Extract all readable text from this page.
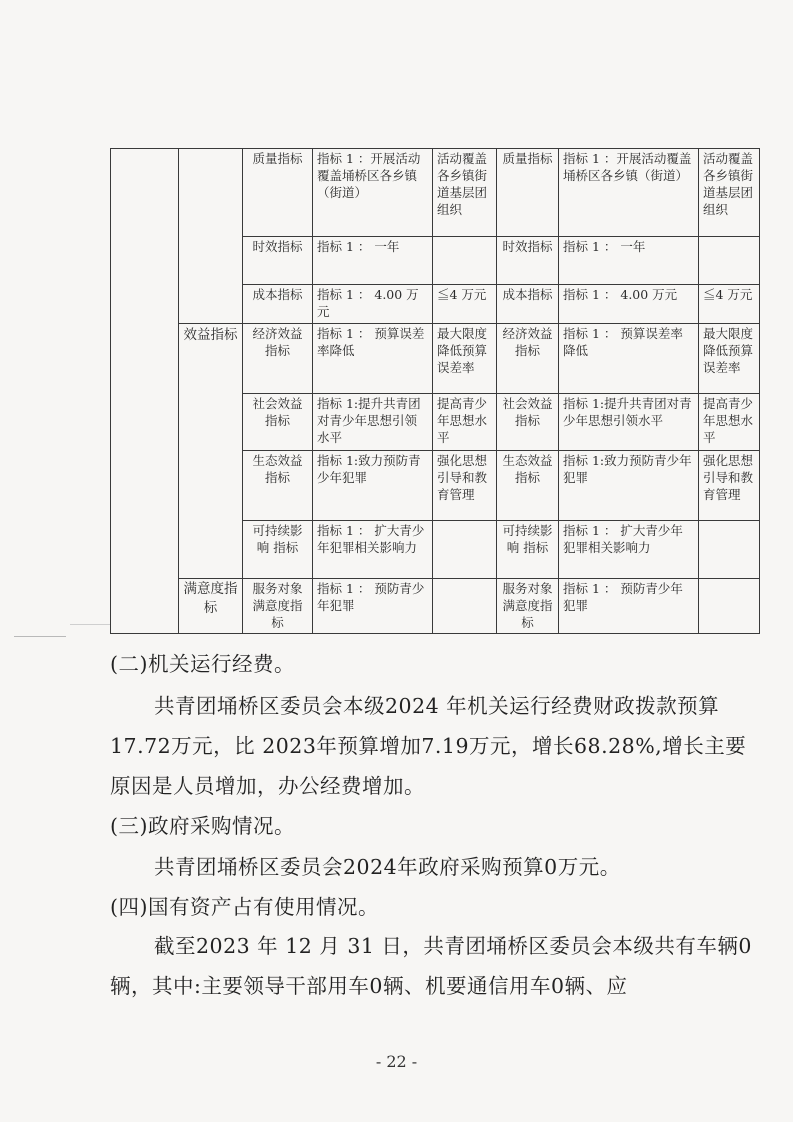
		质量指标	指标 1 ：开展活动覆盖埇桥区各乡镇（街道）	活动覆盖各乡镇街道基层团组织	质量指标	指标 1 ：开展活动覆盖埇桥区各乡镇（街道）	活动覆盖各乡镇街道基层团组织
		时效指标	指标 1 ： 一年		时效指标	指标 1 ： 一年	
		成本指标	指标 1 ： 4.00 万元	≦4 万元	成本指标	指标 1 ： 4.00 万元	≦4 万元
	效益指标	经济效益 指标	指标 1 ： 预算误差率降低	最大限度降低预算误差率	经济效益 指标	指标 1 ： 预算误差率降低	最大限度降低预算误差率
		社会效益 指标	指标 1:提升共青团对青少年思想引领水平	提高青少年思想水平	社会效益 指标	指标 1:提升共青团对青少年思想引领水平	提高青少年思想水平
		生态效益 指标	指标 1:致力预防青少年犯罪	强化思想引导和教育管理	生态效益 指标	指标 1:致力预防青少年犯罪	强化思想引导和教育管理
		可持续影响 指标	指标 1 ： 扩大青少年犯罪相关影响力		可持续影响 指标	指标 1 ： 扩大青少年犯罪相关影响力	
	满意度指标	服务对象 满意度指标	指标 1 ： 预防青少年犯罪		服务对象 满意度指标	指标 1 ： 预防青少年犯罪	
(二)机关运行经费。
共青团埇桥区委员会本级2024 年机关运行经费财政拨款预算17.72万元，比 2023年预算增加7.19万元，增长68.28%,增长主要原因是人员增加，办公经费增加。
(三)政府采购情况。
共青团埇桥区委员会2024年政府采购预算0万元。
(四)国有资产占有使用情况。
截至2023 年 12 月 31 日，共青团埇桥区委员会本级共有车辆0辆，其中:主要领导干部用车0辆、机要通信用车0辆、应
- 22 -
